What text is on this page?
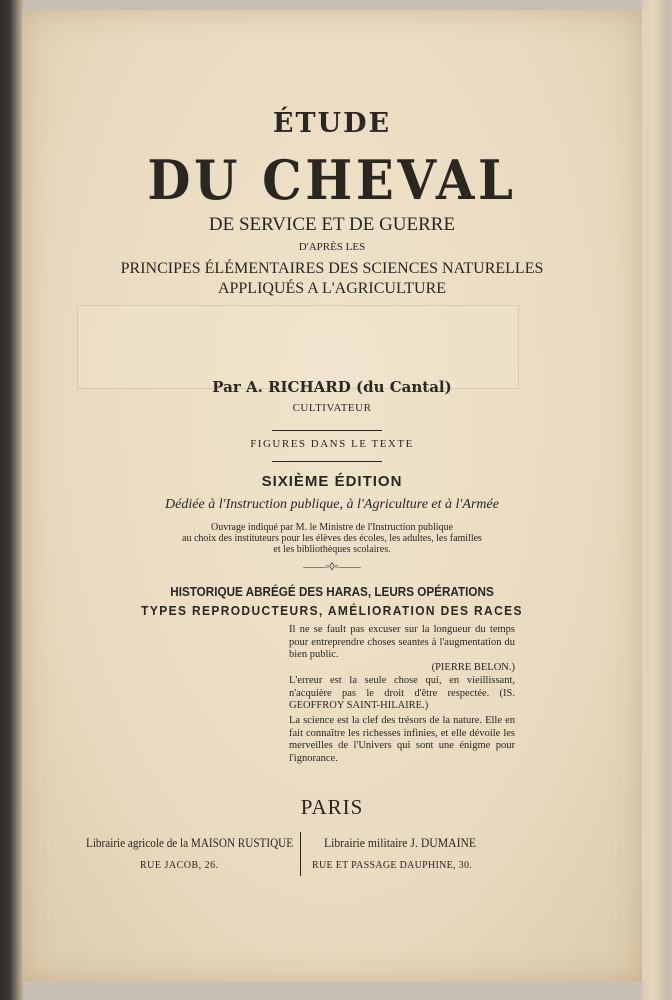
ÉTUDE
DU CHEVAL
DE SERVICE ET DE GUERRE
D'APRÈS LES
PRINCIPES ÉLÉMENTAIRES DES SCIENCES NATURELLES
APPLIQUÉS A L'AGRICULTURE
Par A. RICHARD (du Cantal)
CULTIVATEUR
FIGURES DANS LE TEXTE
SIXIÈME ÉDITION
Dédiée à l'Instruction publique, à l'Agriculture et à l'Armée
Ouvrage indiqué par M. le Ministre de l'Instruction publique
au choix des instituteurs pour les élèves des écoles, les adultes, les familles
et les bibliothèques scolaires.
——◦◊◦——
HISTORIQUE ABRÉGÉ DES HARAS, LEURS OPÉRATIONS
TYPES REPRODUCTEURS, AMÉLIORATION DES RACES
Il ne se fault pas excuser sur la longueur du temps pour entreprendre choses seantes à l'augmentation du bien public.
(PIERRE BELON.)
L'erreur est la seule chose qui, en vieillissant, n'acquière pas le droit d'être respectée. (IS. GEOFFROY SAINT-HILAIRE.)
La science est la clef des trésors de la nature. Elle en fait connaître les richesses infinies, et elle dévoile les merveilles de l'Univers qui sont une énigme pour l'ignorance.
PARIS
Librairie agricole de la MAISON RUSTIQUE
RUE JACOB, 26.
Librairie militaire J. DUMAINE
RUE ET PASSAGE DAUPHINE, 30.
